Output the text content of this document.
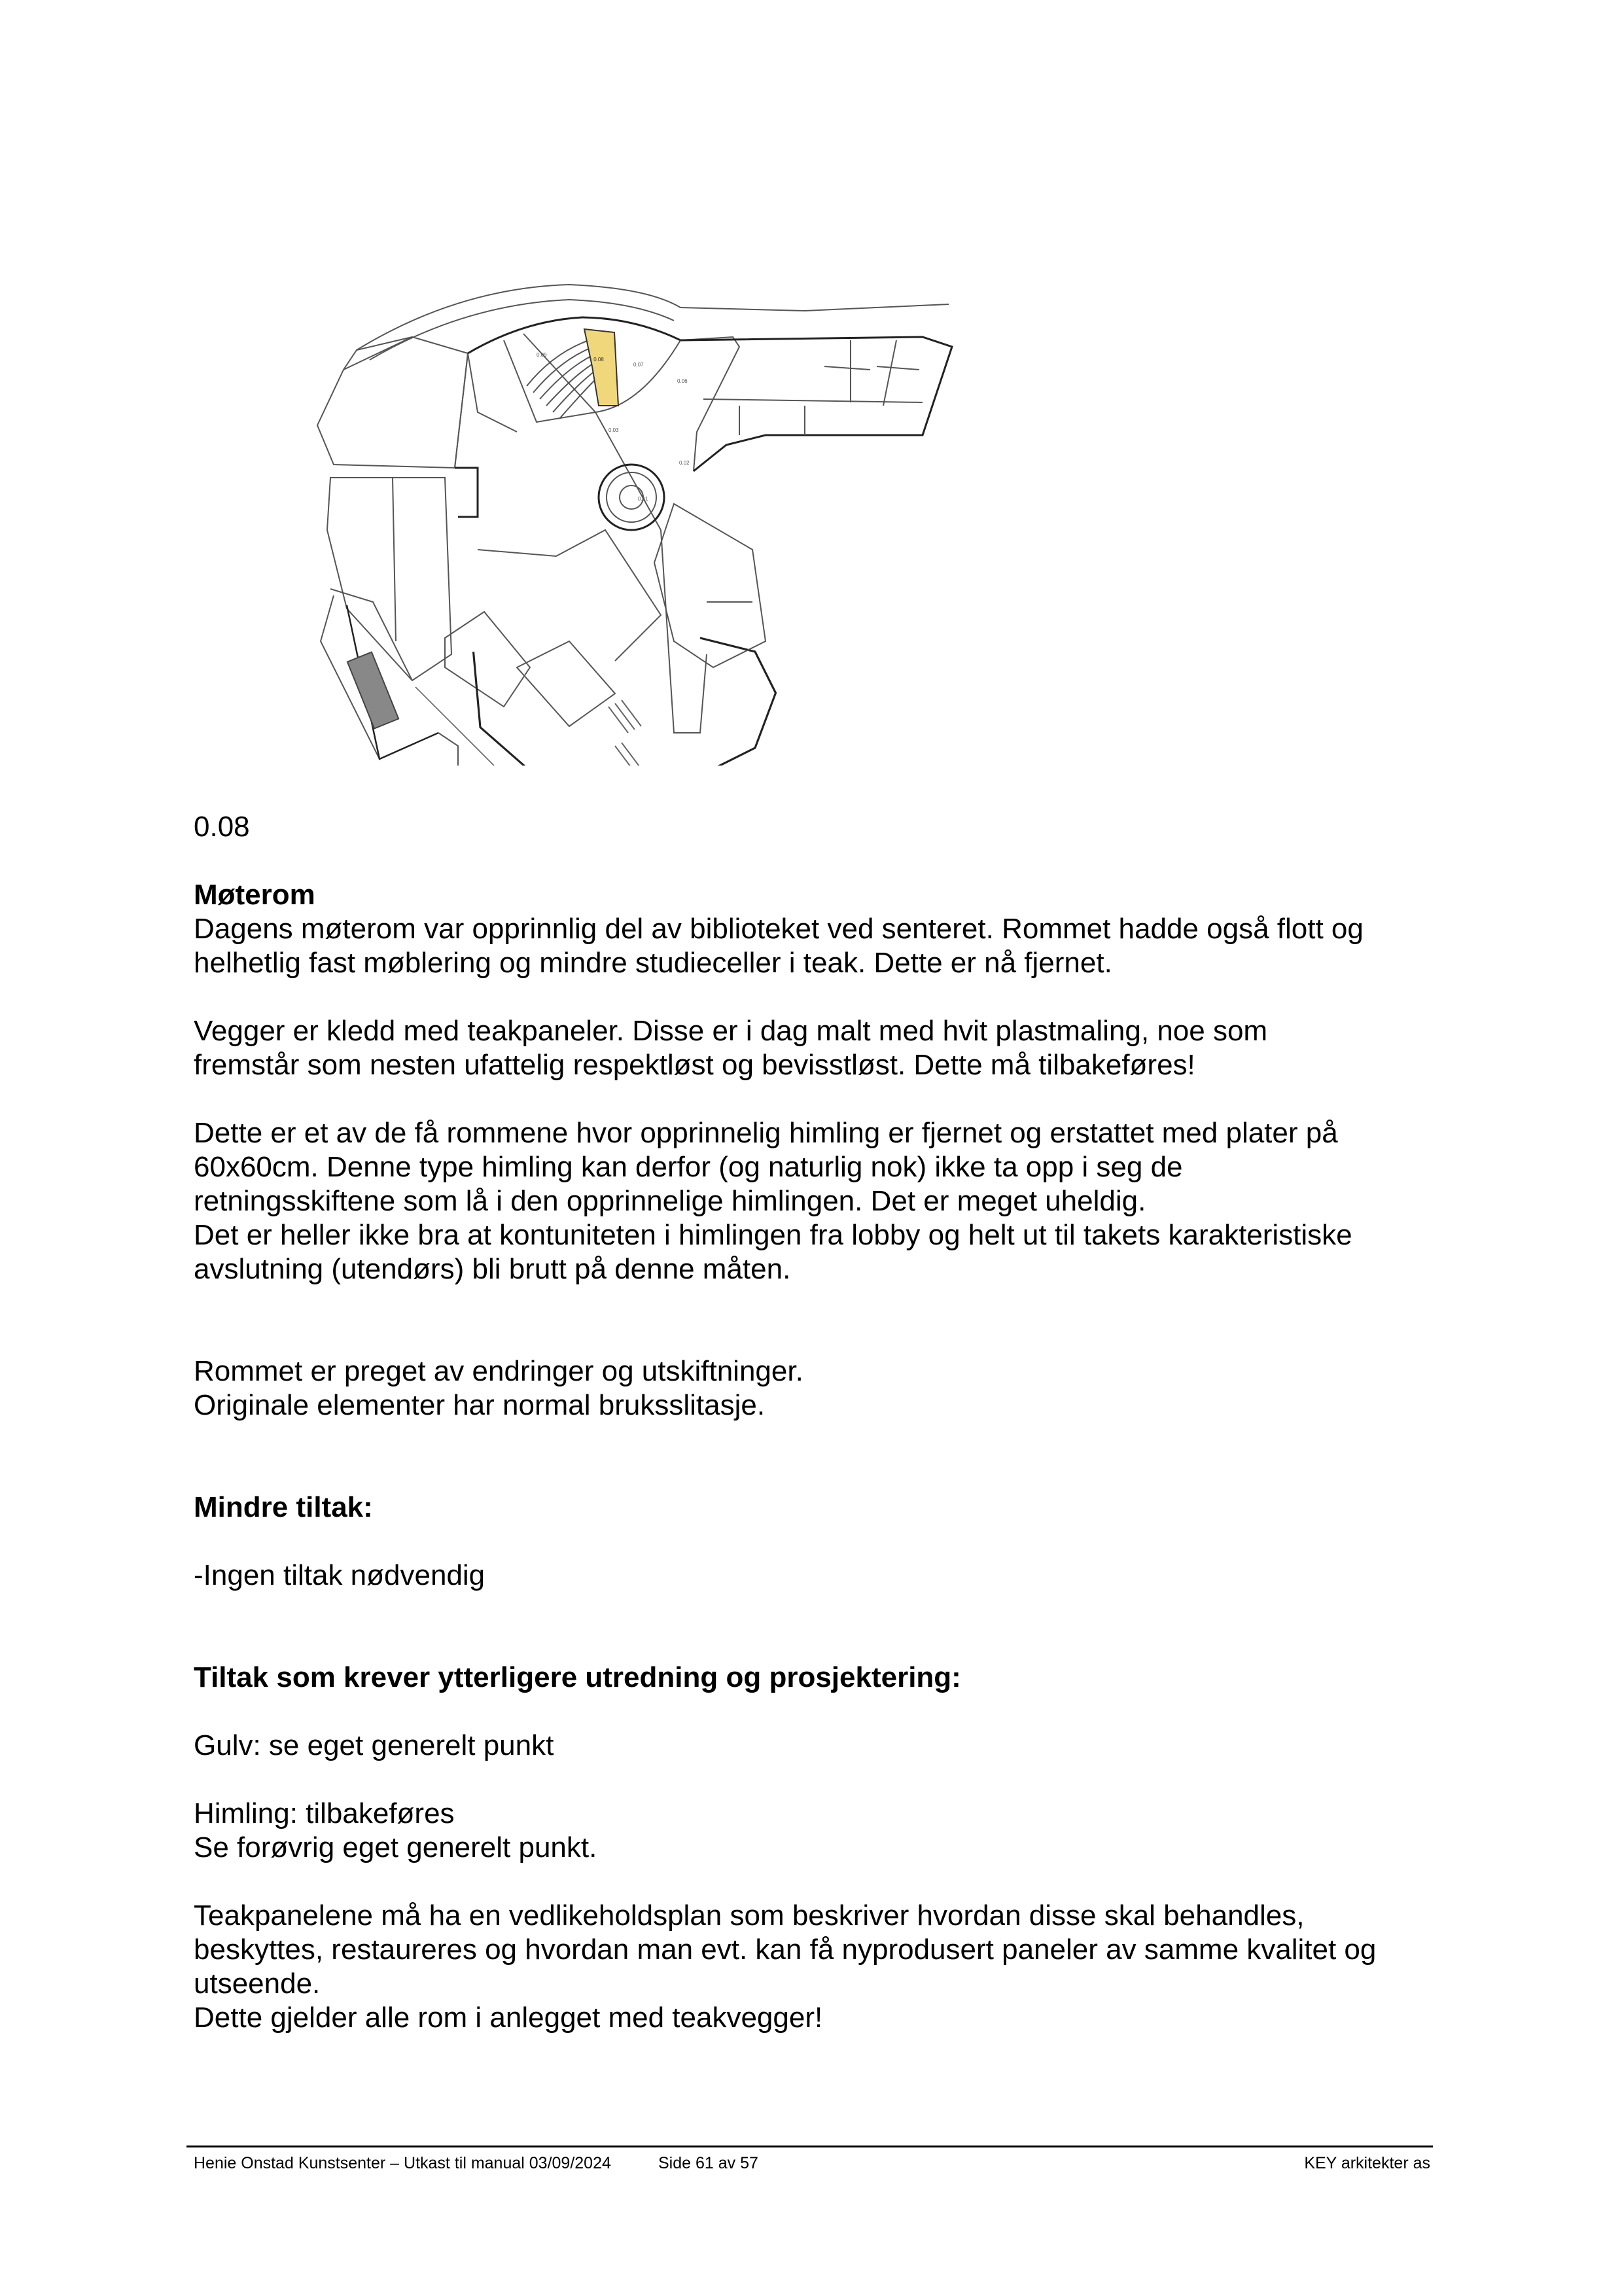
0.08
0.09
0.07
0.06
0.03
0.02
0.01

0.08

Møterom

Dagens møterom var opprinnlig del av biblioteket ved senteret. Rommet hadde også flott og

helhetlig fast møblering og mindre studieceller i teak. Dette er nå fjernet.

Vegger er kledd med teakpaneler. Disse er i dag malt med hvit plastmaling, noe som

fremstår som nesten ufattelig respektløst og bevisstløst. Dette må tilbakeføres!

Dette er et av de få rommene hvor opprinnelig himling er fjernet og erstattet med plater på

60x60cm. Denne type himling kan derfor (og naturlig nok) ikke ta opp i seg de

retningsskiftene som lå i den opprinnelige himlingen. Det er meget uheldig.

Det er heller ikke bra at kontuniteten i himlingen fra lobby og helt ut til takets karakteristiske

avslutning (utendørs) bli brutt på denne måten.

Rommet er preget av endringer og utskiftninger.

Originale elementer har normal bruksslitasje.

Mindre tiltak:

-Ingen tiltak nødvendig

Tiltak som krever ytterligere utredning og prosjektering:

Gulv: se eget generelt punkt

Himling: tilbakeføres

Se forøvrig eget generelt punkt.

Teakpanelene må ha en vedlikeholdsplan som beskriver hvordan disse skal behandles,

beskyttes, restaureres og hvordan man evt. kan få nyprodusert paneler av samme kvalitet og

utseende.

Dette gjelder alle rom i anlegget med teakvegger!

Henie Onstad Kunstsenter – Utkast til manual 03/09/2024	Side 61 av 57	KEY arkitekter as
